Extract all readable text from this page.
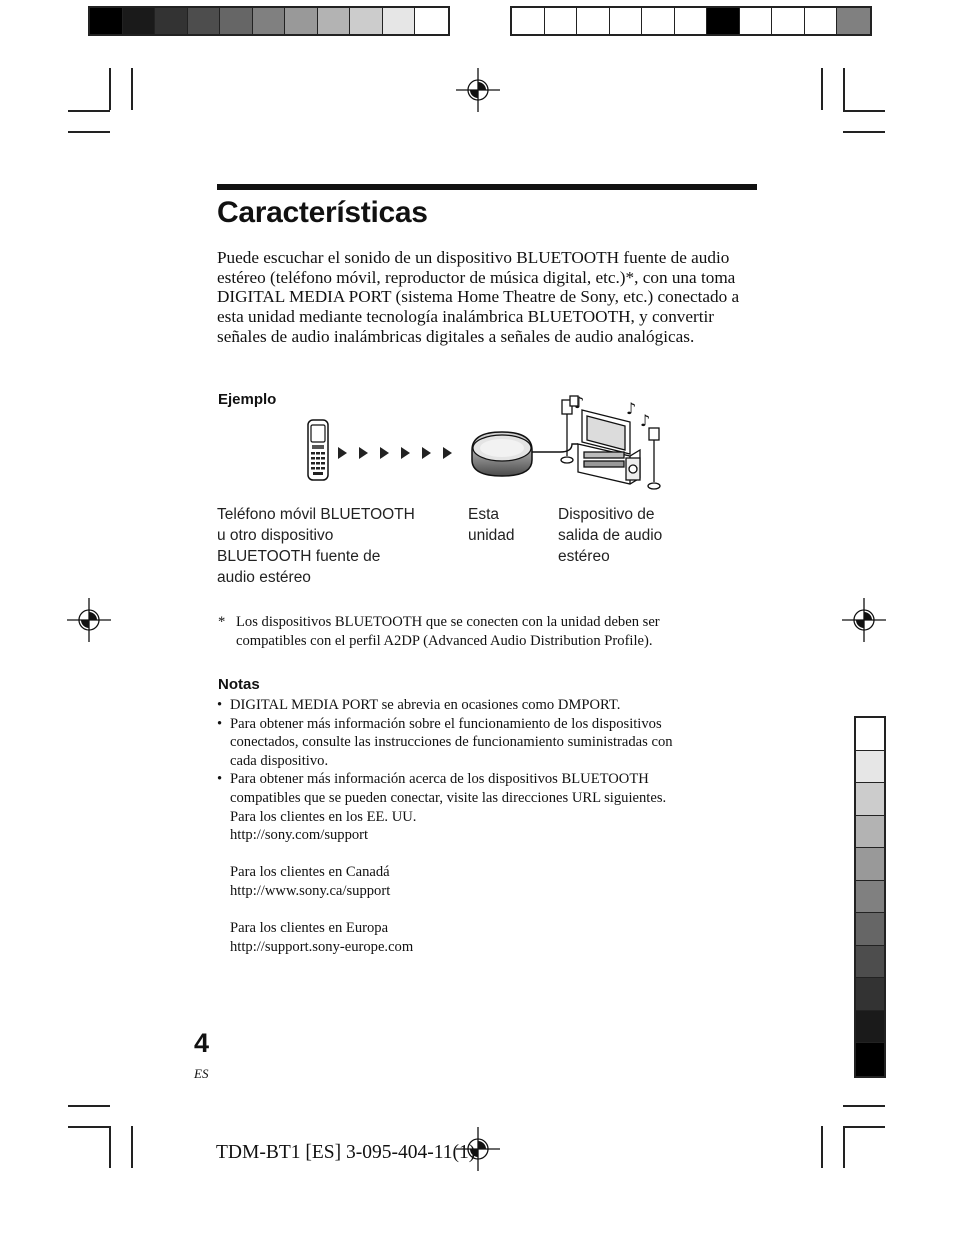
Características

Puede escuchar el sonido de un dispositivo BLUETOOTH fuente de audio estéreo (teléfono móvil, reproductor de música digital, etc.)*, con una toma DIGITAL MEDIA PORT (sistema Home Theatre de Sony, etc.) conectado a esta unidad mediante tecnología inalámbrica BLUETOOTH, y convertir señales de audio inalámbricas digitales a señales de audio analógicas.

Ejemplo	♪	♪
♪
Teléfono móvil BLUETOOTH
u otro dispositivo
BLUETOOTH fuente de
audio estéreo
Esta
unidad
Dispositivo de
salida de audio
estéreo
* Los dispositivos BLUETOOTH que se conecten con la unidad deben ser
compatibles con el perfil A2DP (Advanced Audio Distribution Profile).
Notas
• DIGITAL MEDIA PORT se abrevia en ocasiones como DMPORT.
• Para obtener más información sobre el funcionamiento de los dispositivos
conectados, consulte las instrucciones de funcionamiento suministradas con
cada dispositivo.
• Para obtener más información acerca de los dispositivos BLUETOOTH
compatibles que se pueden conectar, visite las direcciones URL siguientes.
Para los clientes en los EE. UU.
http://sony.com/support

Para los clientes en Canadá
http://www.sony.ca/support

Para los clientes en Europa
http://support.sony-europe.com
4
ES
TDM-BT1 [ES] 3-095-404-11(1)
